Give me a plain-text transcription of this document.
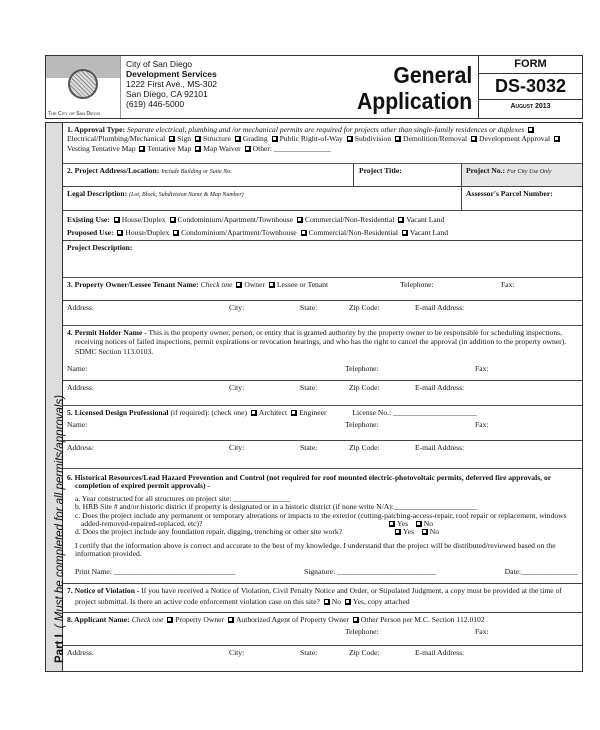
The City of San Diego
City of San Diego
Development Services
1222 First Ave., MS-302
San Diego, CA 92101
(619) 446-5000
General
Application
FORM
DS-3032
August 2013
Part I( Must be completed for all permits/approvals)
1. Approval Type: Separate electrical, plumbing and /or mechanical permits are required for projects other than single-family residences or duplexes Electrical/Plumbing/Mechanical Sign Structure Grading Public Right-of-Way Subdivision Demolition/Removal Development Approval Vesting Tentative Map Tentative Map Map Waiver Other: _______________
2. Project Address/Location: Include Building or Suite No.	Project Title:	Project No.: For City Use Only
Legal Description: (Lot, Block, Subdivision Name & Map Number)	Assessor's Parcel Number:
Existing Use: House/Duplex Condominium/Apartment/Townhouse Commercial/Non-Residential Vacant Land
Proposed Use: House/Duplex Condominium/Apartment/Townhouse Commercial/Non-Residential Vacant Land
Project Description:
3. Property Owner/Lessee Tenant Name: Check one Owner Lessee or Tenant	Telephone:	Fax:
Address:	City:	State:	Zip Code:	E-mail Address:
4. Permit Holder Name - This is the property owner, person, or entity that is granted authority by the property owner to be responsible for scheduling inspections, receiving notices of failed inspections, permit expirations or revocation hearings, and who has the right to cancel the approval (in addition to the property owner). SDMC Section 113.0103.
Name:	Telephone:	Fax:
Address:	City:	State:	Zip Code:	E-mail Address:
5. Licensed Design Professional (if required): (check one) Architect Engineer	License No.: ______________________
Name:	Telephone:	Fax:
Address:	City:	State:	Zip Code:	E-mail Address:
6. Historical Resources/Lead Hazard Prevention and Control (not required for roof mounted electric-photovoltaic permits, deferred fire approvals, or completion of expired permit approvals) -
a. Year constructed for all structures on project site: _______________
b. HRB Site # and/or historic district if property is designated or in a historic district (if none write N/A):______________________
c. Does the project include any permanent or temporary alterations or impacts to the exterior (cutting-patching-access-repair, roof repair or replacement, windows added-removed-repaired-replaced, etc)?	Yes No
d. Does the project include any foundation repair, digging, trenching or other site work?	Yes No
I certify that the information above is correct and accurate to the best of my knowledge. I understand that the project will be distributed/reviewed based on the information provided.
Print Name: ________________________________	Signature: __________________________	Date:_______________
7. Notice of Violation - If you have received a Notice of Violation, Civil Penalty Notice and Order, or Stipulated Judgment, a copy must be provided at the time of project submittal. Is there an active code enforcement violation case on this site? No Yes, copy attached
8. Applicant Name: Check one Property Owner Authorized Agent of Property Owner Other Person per M.C. Section 112.0102
Telephone:	Fax:
Address:	City:	State:	Zip Code:	E-mail Address:
